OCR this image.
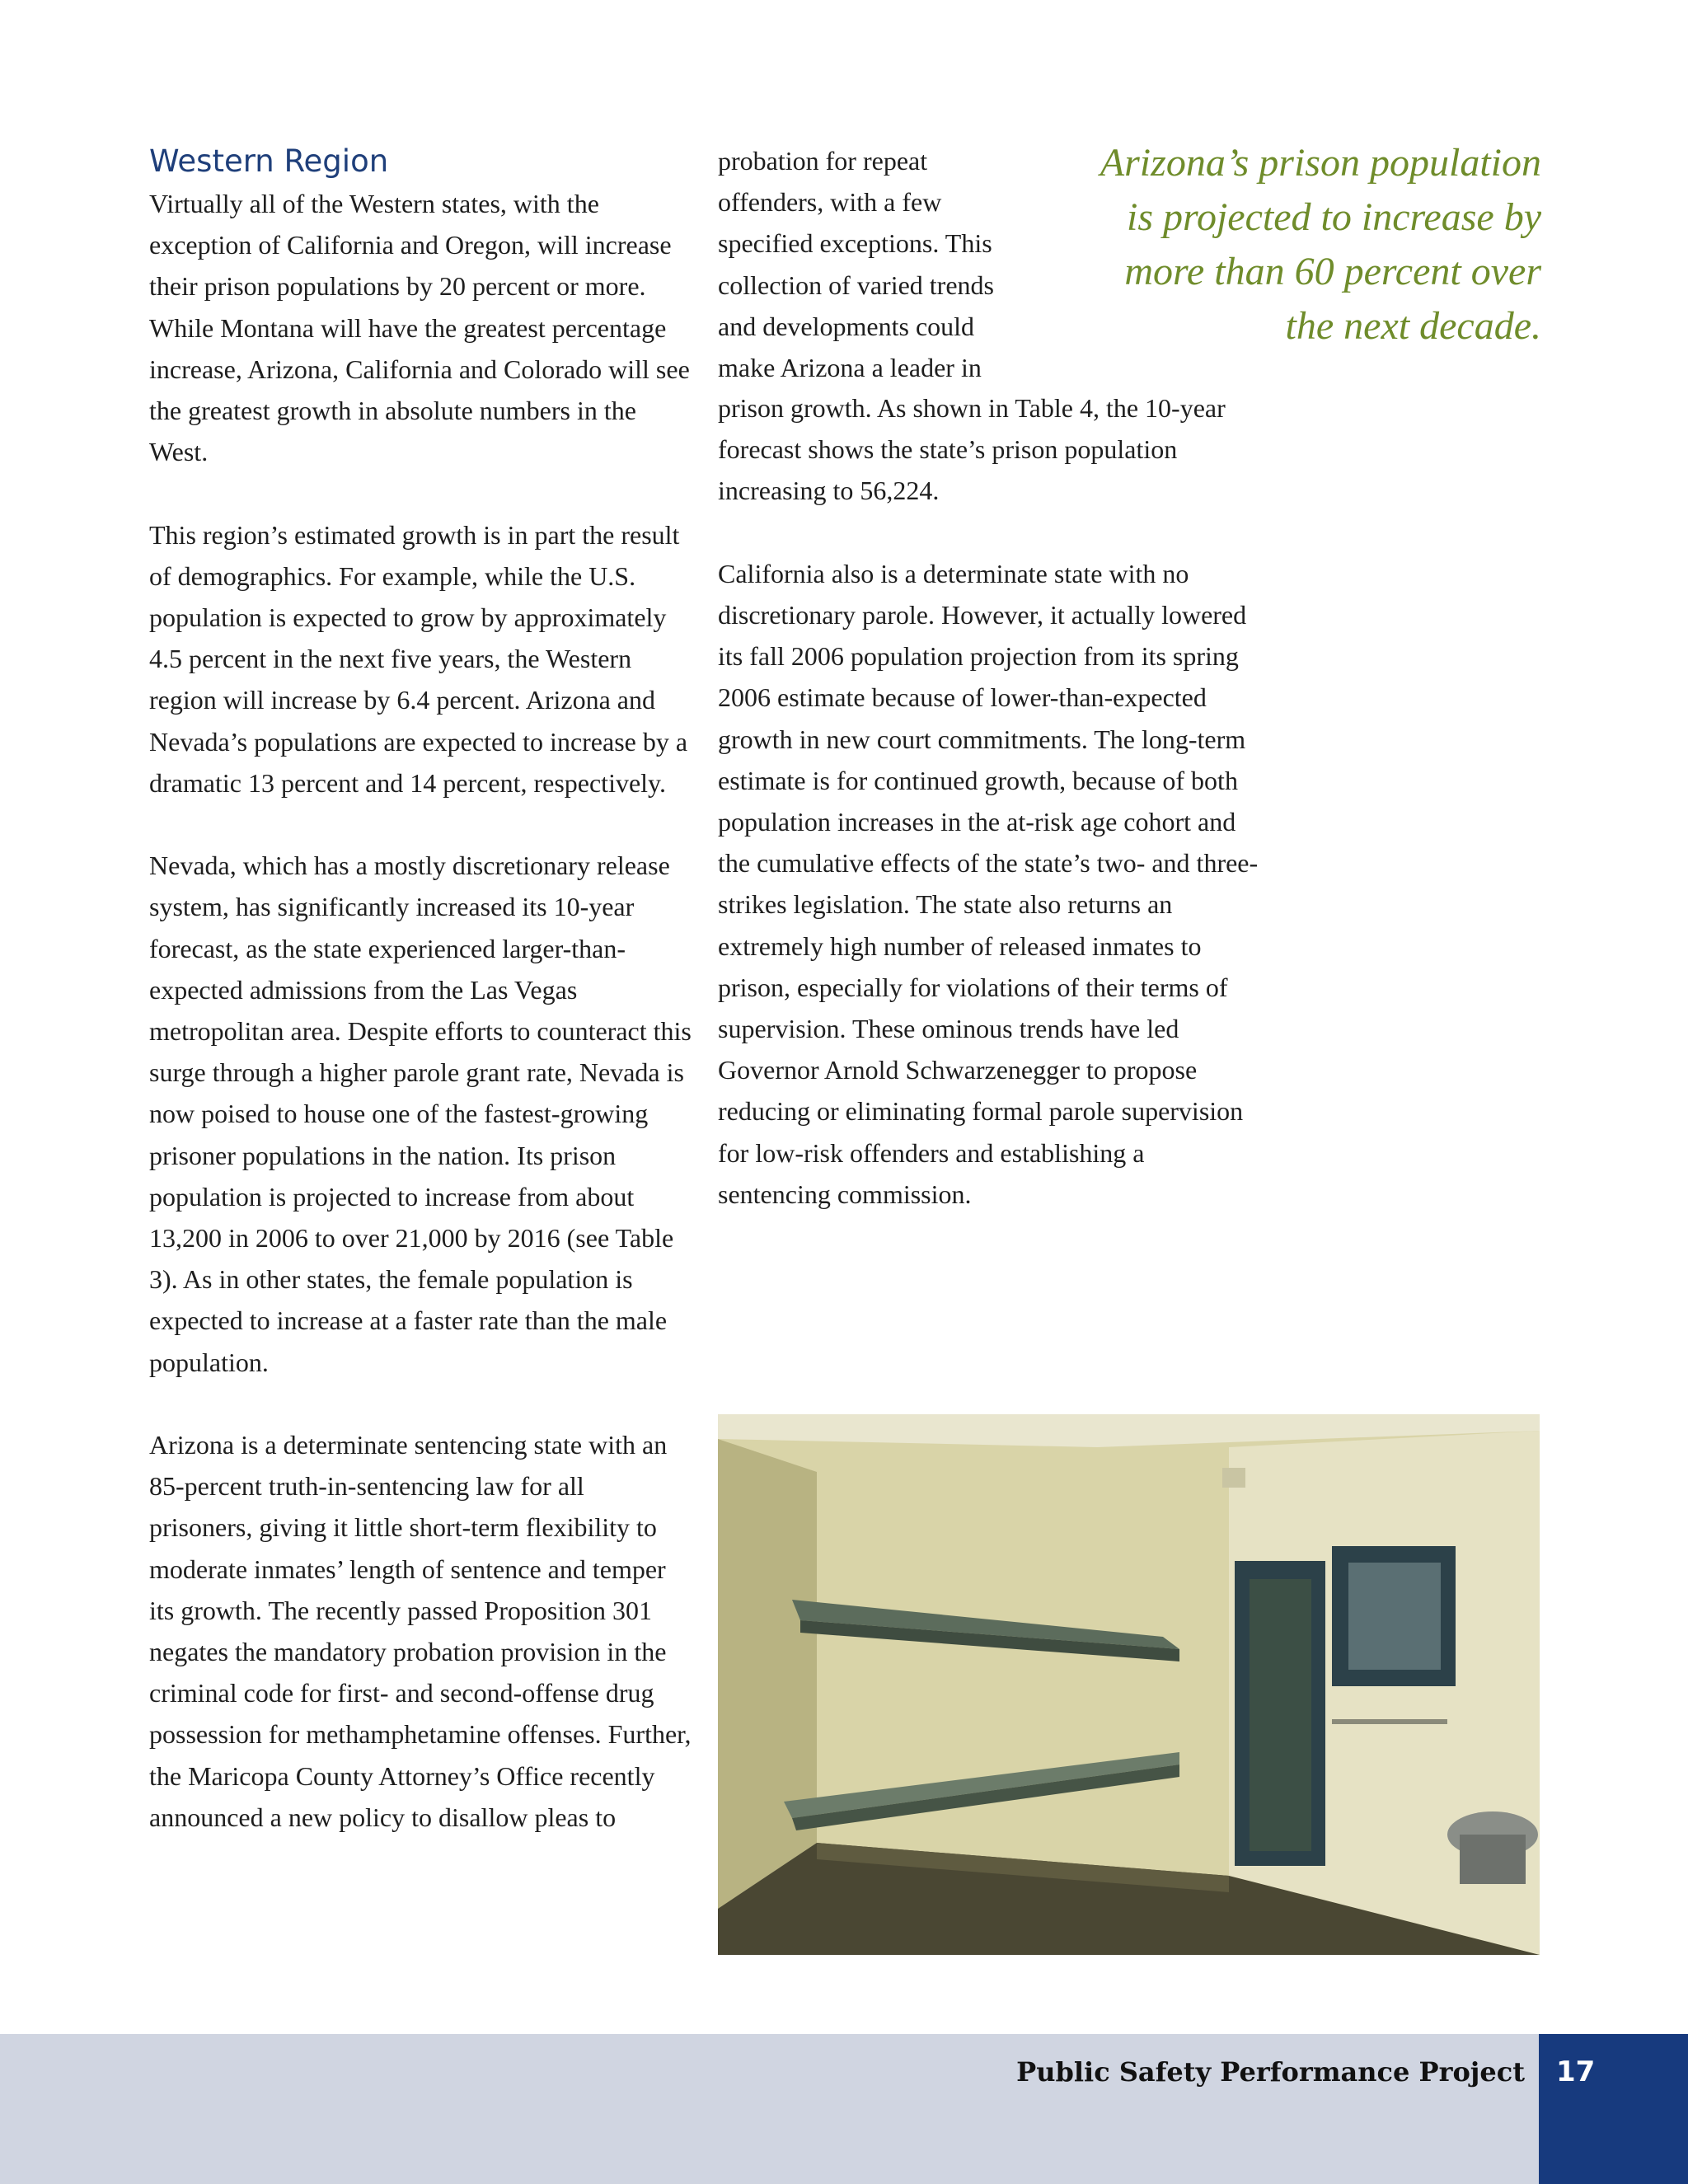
Western Region

Virtually all of the Western states, with the exception of California and Oregon, will increase their prison populations by 20 percent or more. While Montana will have the greatest percentage increase, Arizona, California and Colorado will see the greatest growth in absolute numbers in the West.

This region’s estimated growth is in part the result of demographics. For example, while the U.S. population is expected to grow by approximately 4.5 percent in the next five years, the Western region will increase by 6.4 percent. Arizona and Nevada’s populations are expected to increase by a dramatic 13 percent and 14 percent, respectively.

Nevada, which has a mostly discretionary release system, has significantly increased its 10-year forecast, as the state experienced larger-than-expected admissions from the Las Vegas metropolitan area. Despite efforts to counteract this surge through a higher parole grant rate, Nevada is now poised to house one of the fastest-growing prisoner populations in the nation. Its prison population is projected to increase from about 13,200 in 2006 to over 21,000 by 2016 (see Table 3). As in other states, the female population is expected to increase at a faster rate than the male population.

Arizona is a determinate sentencing state with an 85-percent truth-in-sentencing law for all prisoners, giving it little short-term flexibility to moderate inmates’ length of sentence and temper its growth. The recently passed Proposition 301 negates the mandatory probation provision in the criminal code for first- and second-offense drug possession for methamphetamine offenses. Further, the Maricopa County Attorney’s Office recently announced a new policy to disallow pleas to

probation for repeat offenders, with a few specified exceptions. This collection of varied trends and developments could make Arizona a leader in

Arizona’s prison population
is projected to increase by
more than 60 percent over
the next decade.

prison growth. As shown in Table 4, the 10-year forecast shows the state’s prison population increasing to 56,224.

California also is a determinate state with no discretionary parole. However, it actually lowered its fall 2006 population projection from its spring 2006 estimate because of lower-than-expected growth in new court commitments. The long-term estimate is for continued growth, because of both population increases in the at-risk age cohort and the cumulative effects of the state’s two- and three-strikes legislation. The state also returns an extremely high number of released inmates to prison, especially for violations of their terms of supervision. These ominous trends have led Governor Arnold Schwarzenegger to propose reducing or eliminating formal parole supervision for low-risk offenders and establishing a sentencing commission.

Public Safety Performance Project 17
